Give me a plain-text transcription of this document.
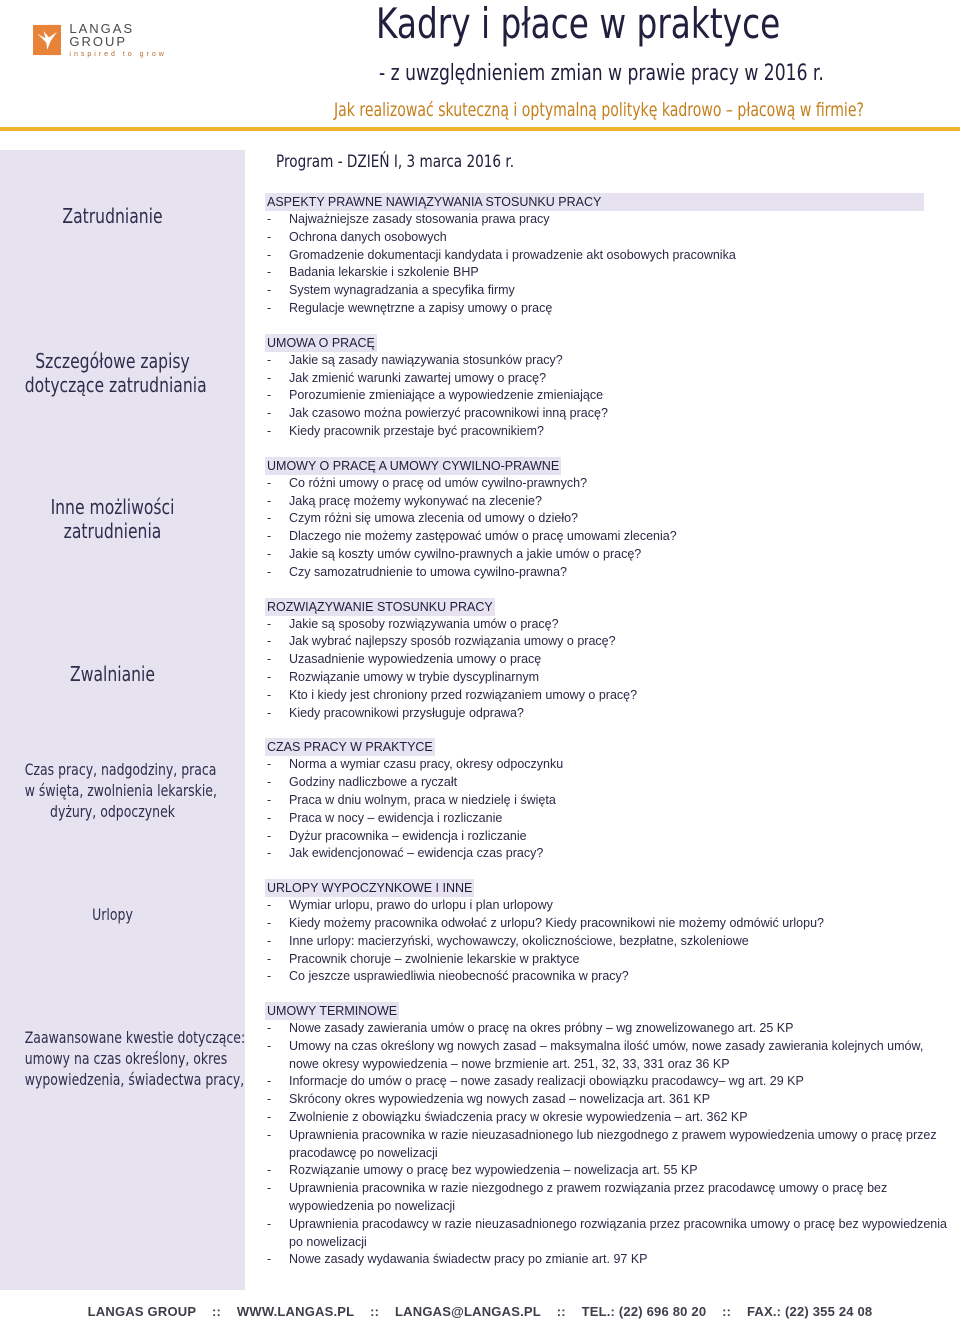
LANGAS GROUP
inspired to grow
Kadry i płace w praktyce
- z uwzględnieniem zmian w prawie pracy w 2016 r.
Jak realizować skuteczną i optymalną politykę kadrowo – płacową w firmie?
Zatrudnianie
Szczegółowe zapisy
dotyczące zatrudniania
Inne możliwości
zatrudnienia
Zwalnianie
Czas pracy, nadgodziny, praca
w święta, zwolnienia lekarskie,
dyżury, odpoczynek
Urlopy
Zaawansowane kwestie dotyczące:
umowy na czas określony, okres
wypowiedzenia, świadectwa pracy,
Program - DZIEŃ I, 3 marca 2016 r.
ASPEKTY PRAWNE NAWIĄZYWANIA STOSUNKU PRACY
- Najważniejsze zasady stosowania prawa pracy
- Ochrona danych osobowych
- Gromadzenie dokumentacji kandydata i prowadzenie akt osobowych pracownika
- Badania lekarskie i szkolenie BHP
- System wynagradzania a specyfika firmy
- Regulacje wewnętrzne a zapisy umowy o pracę
UMOWA O PRACĘ
- Jakie są zasady nawiązywania stosunków pracy?
- Jak zmienić warunki zawartej umowy o pracę?
- Porozumienie zmieniające a wypowiedzenie zmieniające
- Jak czasowo można powierzyć pracownikowi inną pracę?
- Kiedy pracownik przestaje być pracownikiem?
UMOWY O PRACĘ A UMOWY CYWILNO-PRAWNE
- Co różni umowy o pracę od umów cywilno-prawnych?
- Jaką pracę możemy wykonywać na zlecenie?
- Czym różni się umowa zlecenia od umowy o dzieło?
- Dlaczego nie możemy zastępować umów o pracę umowami zlecenia?
- Jakie są koszty umów cywilno-prawnych a jakie umów o pracę?
- Czy samozatrudnienie to umowa cywilno-prawna?
ROZWIĄZYWANIE STOSUNKU PRACY
- Jakie są sposoby rozwiązywania umów o pracę?
- Jak wybrać najlepszy sposób rozwiązania umowy o pracę?
- Uzasadnienie wypowiedzenia umowy o pracę
- Rozwiązanie umowy w trybie dyscyplinarnym
- Kto i kiedy jest chroniony przed rozwiązaniem umowy o pracę?
- Kiedy pracownikowi przysługuje odprawa?
CZAS PRACY W PRAKTYCE
- Norma a wymiar czasu pracy, okresy odpoczynku
- Godziny nadliczbowe a ryczałt
- Praca w dniu wolnym, praca w niedzielę i święta
- Praca w nocy – ewidencja i rozliczanie
- Dyżur pracownika – ewidencja i rozliczanie
- Jak ewidencjonować – ewidencja czas pracy?
URLOPY WYPOCZYNKOWE I INNE
- Wymiar urlopu, prawo do urlopu i plan urlopowy
- Kiedy możemy pracownika odwołać z urlopu? Kiedy pracownikowi nie możemy odmówić urlopu?
- Inne urlopy: macierzyński, wychowawczy, okolicznościowe, bezpłatne, szkoleniowe
- Pracownik choruje – zwolnienie lekarskie w praktyce
- Co jeszcze usprawiedliwia nieobecność pracownika w pracy?
UMOWY TERMINOWE
- Nowe zasady zawierania umów o pracę na okres próbny – wg znowelizowanego art. 25 KP
- Umowy na czas określony wg nowych zasad – maksymalna ilość umów, nowe zasady zawierania kolejnych umów, nowe okresy wypowiedzenia – nowe brzmienie art. 251, 32, 33, 331 oraz 36 KP
- Informacje do umów o pracę – nowe zasady realizacji obowiązku pracodawcy– wg art. 29 KP
- Skrócony okres wypowiedzenia wg nowych zasad – nowelizacja art. 361 KP
- Zwolnienie z obowiązku świadczenia pracy w okresie wypowiedzenia – art. 362 KP
- Uprawnienia pracownika w razie nieuzasadnionego lub niezgodnego z prawem wypowiedzenia umowy o pracę przez pracodawcę po nowelizacji
- Rozwiązanie umowy o pracę bez wypowiedzenia – nowelizacja art. 55 KP
- Uprawnienia pracownika w razie niezgodnego z prawem rozwiązania przez pracodawcę umowy o pracę bez wypowiedzenia po nowelizacji
- Uprawnienia pracodawcy w razie nieuzasadnionego rozwiązania przez pracownika umowy o pracę bez wypowiedzenia po nowelizacji
- Nowe zasady wydawania świadectw pracy po zmianie art. 97 KP
LANGAS GROUP :: WWW.LANGAS.PL :: LANGAS@LANGAS.PL :: TEL.: (22) 696 80 20 :: FAX.: (22) 355 24 08
